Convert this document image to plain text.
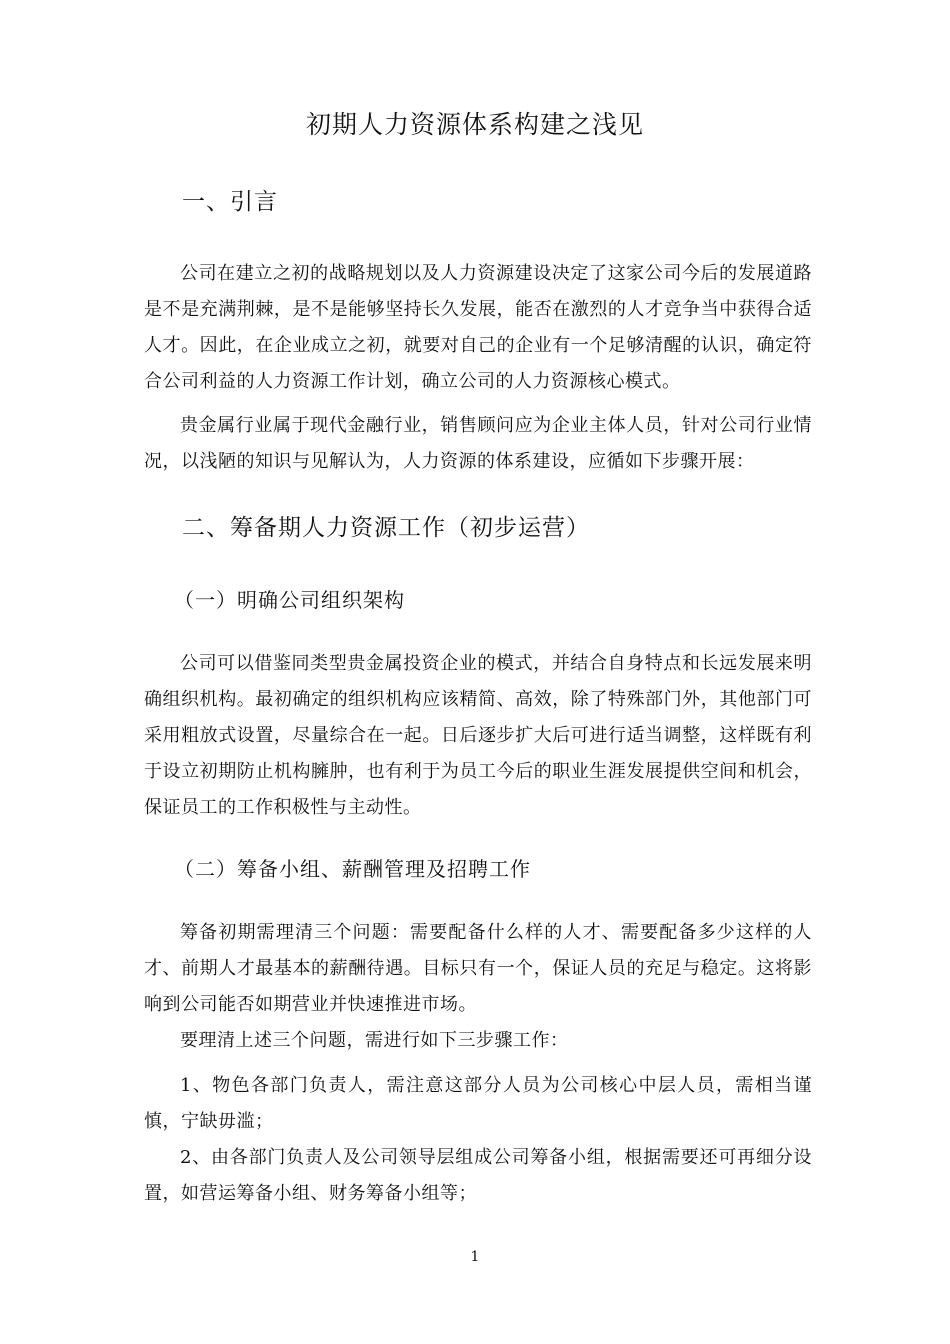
初期人力资源体系构建之浅见
一、引言

公司在建立之初的战略规划以及人力资源建设决定了这家公司今后的发展道路是不是充满荆棘，是不是能够坚持长久发展，能否在激烈的人才竞争当中获得合适人才。因此，在企业成立之初，就要对自己的企业有一个足够清醒的认识，确定符合公司利益的人力资源工作计划，确立公司的人力资源核心模式。

贵金属行业属于现代金融行业，销售顾问应为企业主体人员，针对公司行业情况，以浅陋的知识与见解认为，人力资源的体系建设，应循如下步骤开展：

二、筹备期人力资源工作（初步运营）
（一）明确公司组织架构

公司可以借鉴同类型贵金属投资企业的模式，并结合自身特点和长远发展来明确组织机构。最初确定的组织机构应该精简、高效，除了特殊部门外，其他部门可采用粗放式设置，尽量综合在一起。日后逐步扩大后可进行适当调整，这样既有利于设立初期防止机构臃肿，也有利于为员工今后的职业生涯发展提供空间和机会，保证员工的工作积极性与主动性。

（二）筹备小组、薪酬管理及招聘工作

筹备初期需理清三个问题：需要配备什么样的人才、需要配备多少这样的人才、前期人才最基本的薪酬待遇。目标只有一个，保证人员的充足与稳定。这将影响到公司能否如期营业并快速推进市场。

要理清上述三个问题，需进行如下三步骤工作：

1、物色各部门负责人，需注意这部分人员为公司核心中层人员，需相当谨慎，宁缺毋滥；

2、由各部门负责人及公司领导层组成公司筹备小组，根据需要还可再细分设置，如营运筹备小组、财务筹备小组等；

1
